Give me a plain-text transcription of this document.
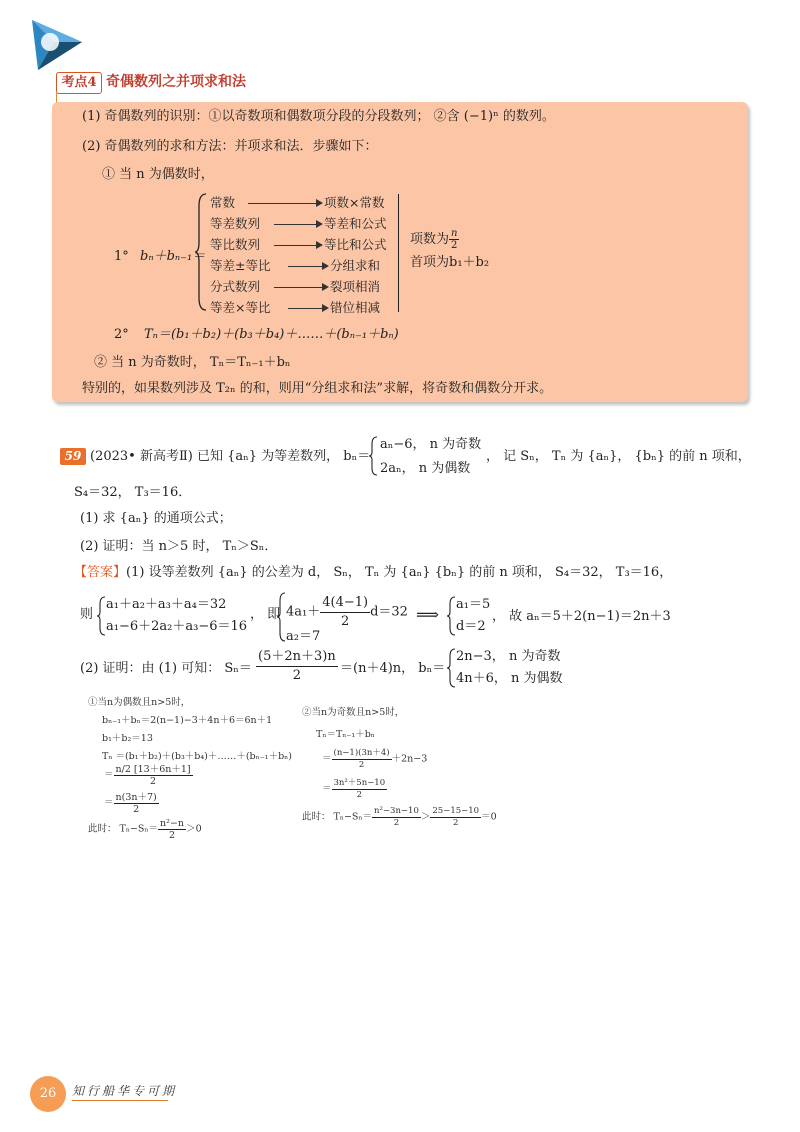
考点4 奇偶数列之并项求和法
(1) 奇偶数列的识别：①以奇数项和偶数项分段的分段数列； ②含 (−1)ⁿ 的数列。
(2) 奇偶数列的求和方法：并项求和法．步骤如下：
① 当 n 为偶数时，
1° bₙ＋bₙ₋₁＝
常数
等差数列
等比数列
等差±等比
分式数列
等差×等比
项数×常数
等差和公式
等比和公式
分组求和
裂项相消
错位相减
项数为 $\frac{n}{2}$
首项为b₁＋b₂
2° Tₙ＝(b₁＋b₂)＋(b₃＋b₄)＋……＋(bₙ₋₁＋bₙ)
② 当 n 为奇数时， Tₙ＝Tₙ₋₁＋bₙ
特别的，如果数列涉及 T₂ₙ 的和，则用“分组求和法”求解，将奇数和偶数分开求。
59 (2023• 新高考Ⅱ) 已知 {aₙ} 为等差数列， bₙ＝
aₙ−6， n 为奇数
2aₙ， n 为偶数
， 记 Sₙ， Tₙ 为 {aₙ}， {bₙ} 的前 n 项和，
S₄＝32， T₃＝16．
(1) 求 {aₙ} 的通项公式；
(2) 证明：当 n＞5 时， Tₙ＞Sₙ．
【答案】(1) 设等差数列 {aₙ} 的公差为 d， Sₙ， Tₙ 为 {aₙ} {bₙ} 的前 n 项和， S₄＝32， T₃＝16，
则
a₁＋a₂＋a₃＋a₄＝32
a₁−6＋2a₂＋a₃−6＝16
， 即 $4a_1+ \frac{4(4-1)}{2} d=32$
a₂＝7
⟹
a₁＝5
d＝2
， 故 aₙ＝5＋2(n−1)＝2n＋3
(2) 证明：由 (1) 可知： $S_n= \frac{(5+2n+3)n}{2} =(n+4)n$， bₙ＝
2n−3， n 为奇数
4n＋6， n 为偶数
①当n为偶数且n>5时，
bₙ₋₁＋bₙ＝2(n−1)−3＋4n＋6＝6n＋1
b₁＋b₂＝13
Tₙ ＝(b₁＋b₂)＋(b₃＋b₄)＋……＋(bₙ₋₁＋bₙ)
＝ $\frac{n/2 [13+6n+1]}{2}$
＝ $\frac{n(3n+7)}{2}$
此时： $T_n-S_n= \frac{\text{n²−n}}{2} >0$
②当n为奇数且n>5时，
Tₙ＝Tₙ₋₁＋bₙ
＝ $\frac{(n-1)(3n+4)}{2} +2n-3$
＝ $\frac{\text{3n²＋5n−10}}{2}$
此时： $T_n-S_n= \frac{\text{n²−3n−10}}{2} > \frac{25-15-10}{2} =0$
26	知行船华专可期
